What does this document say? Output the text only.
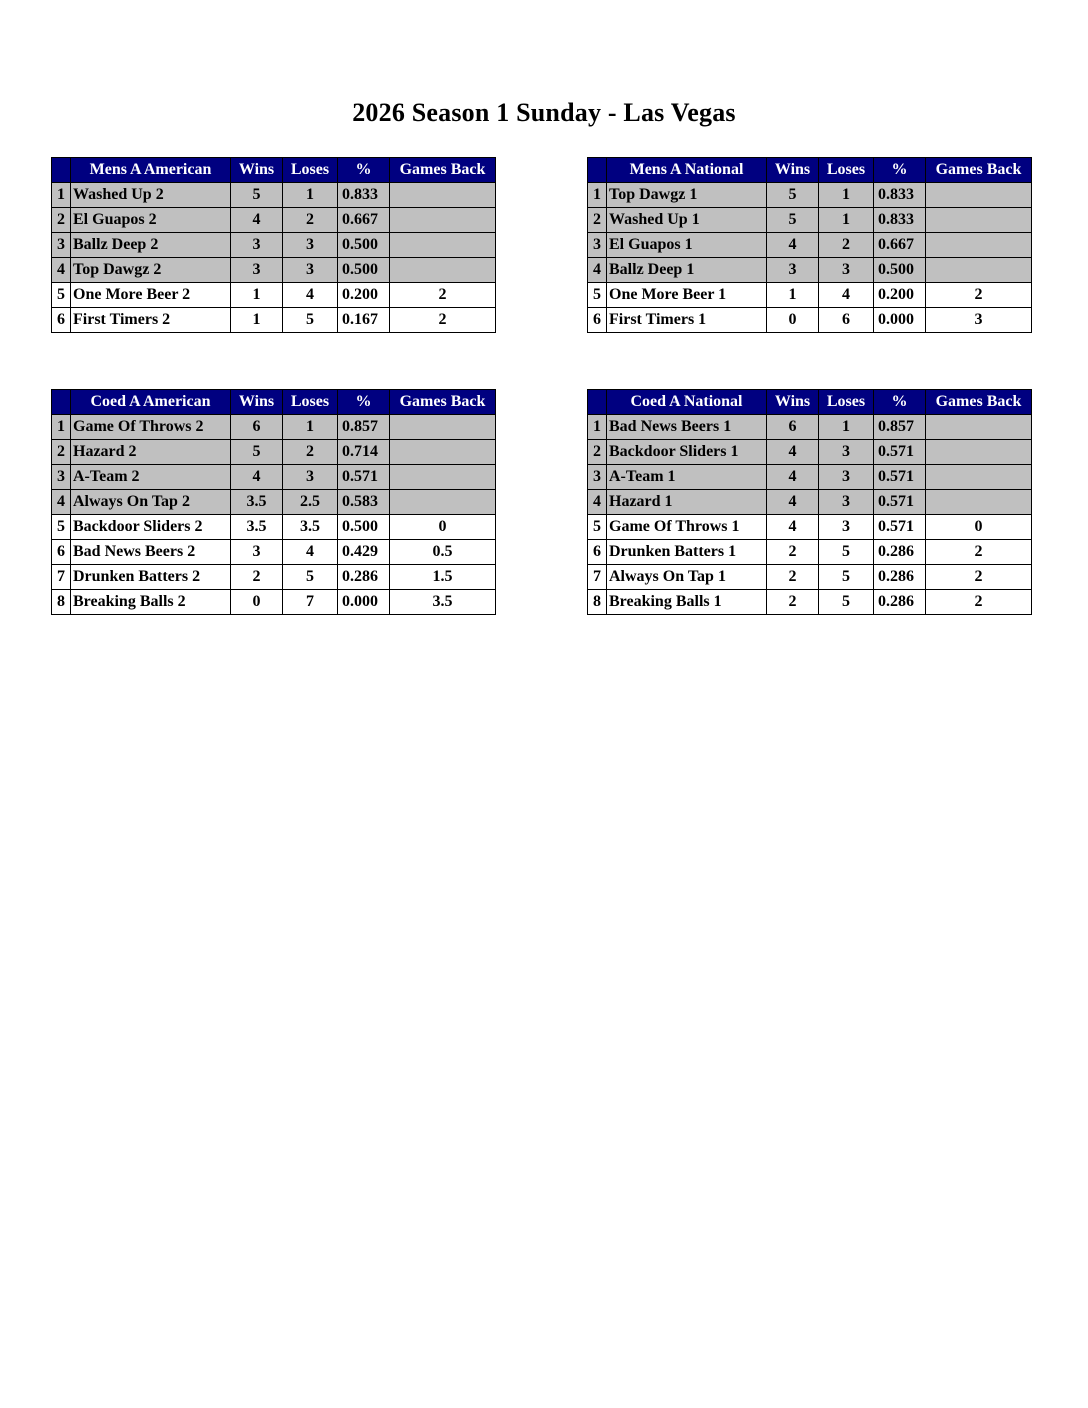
2026 Season 1 Sunday - Las Vegas
	Mens A American	Wins	Loses	%	Games Back
1	Washed Up 2	5	1	0.833	
2	El Guapos 2	4	2	0.667	
3	Ballz Deep 2	3	3	0.500	
4	Top Dawgz 2	3	3	0.500	
5	One More Beer 2	1	4	0.200	2
6	First Timers 2	1	5	0.167	2
	Mens A National	Wins	Loses	%	Games Back
1	Top Dawgz 1	5	1	0.833	
2	Washed Up 1	5	1	0.833	
3	El Guapos 1	4	2	0.667	
4	Ballz Deep 1	3	3	0.500	
5	One More Beer 1	1	4	0.200	2
6	First Timers 1	0	6	0.000	3
	Coed A American	Wins	Loses	%	Games Back
1	Game Of Throws 2	6	1	0.857	
2	Hazard 2	5	2	0.714	
3	A-Team 2	4	3	0.571	
4	Always On Tap 2	3.5	2.5	0.583	
5	Backdoor Sliders 2	3.5	3.5	0.500	0
6	Bad News Beers 2	3	4	0.429	0.5
7	Drunken Batters 2	2	5	0.286	1.5
8	Breaking Balls 2	0	7	0.000	3.5
	Coed A National	Wins	Loses	%	Games Back
1	Bad News Beers 1	6	1	0.857	
2	Backdoor Sliders 1	4	3	0.571	
3	A-Team 1	4	3	0.571	
4	Hazard 1	4	3	0.571	
5	Game Of Throws 1	4	3	0.571	0
6	Drunken Batters 1	2	5	0.286	2
7	Always On Tap 1	2	5	0.286	2
8	Breaking Balls 1	2	5	0.286	2
